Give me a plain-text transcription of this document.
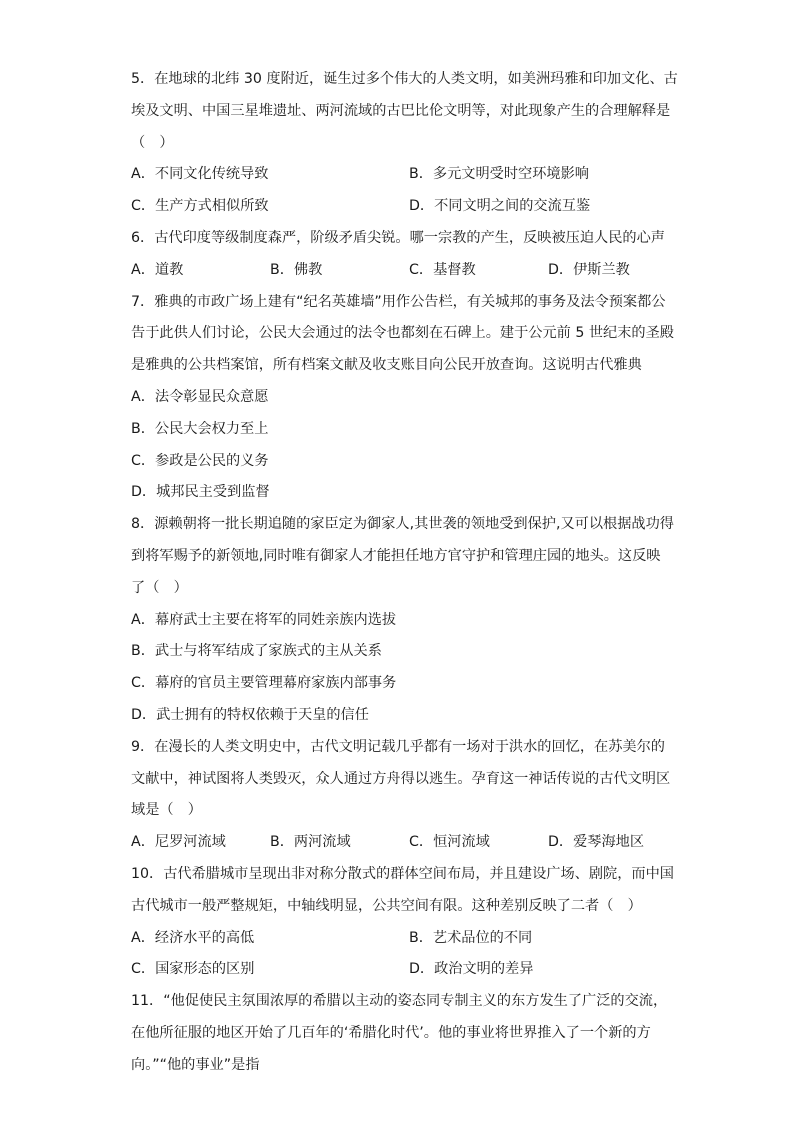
5．在地球的北纬 30 度附近，诞生过多个伟大的人类文明，如美洲玛雅和印加文化、古
埃及文明、中国三星堆遗址、两河流域的古巴比伦文明等，对此现象产生的合理解释是
（　）
A．不同文化传统导致	B．多元文明受时空环境影响
C．生产方式相似所致	D．不同文明之间的交流互鉴
6．古代印度等级制度森严，阶级矛盾尖锐。哪一宗教的产生，反映被压迫人民的心声
A．道教	B．佛教	C．基督教	D．伊斯兰教
7．雅典的市政广场上建有“纪名英雄墙”用作公告栏，有关城邦的事务及法令预案都公
告于此供人们讨论，公民大会通过的法令也都刻在石碑上。建于公元前 5 世纪末的圣殿
是雅典的公共档案馆，所有档案文献及收支账目向公民开放查询。这说明古代雅典
A．法令彰显民众意愿
B．公民大会权力至上
C．参政是公民的义务
D．城邦民主受到监督
8．源赖朝将一批长期追随的家臣定为御家人,其世袭的领地受到保护,又可以根据战功得
到将军赐予的新领地,同时唯有御家人才能担任地方官守护和管理庄园的地头。这反映
了（　）
A．幕府武士主要在将军的同姓亲族内选拔
B．武士与将军结成了家族式的主从关系
C．幕府的官员主要管理幕府家族内部事务
D．武士拥有的特权依赖于天皇的信任
9．在漫长的人类文明史中，古代文明记载几乎都有一场对于洪水的回忆，在苏美尔的
文献中，神试图将人类毁灭，众人通过方舟得以逃生。孕育这一神话传说的古代文明区
域是（　）
A．尼罗河流域	B．两河流域	C．恒河流域	D．爱琴海地区
10．古代希腊城市呈现出非对称分散式的群体空间布局，并且建设广场、剧院，而中国
古代城市一般严整规矩，中轴线明显，公共空间有限。这种差别反映了二者（　）
A．经济水平的高低	B．艺术品位的不同
C．国家形态的区别	D．政治文明的差异
11．“他促使民主氛围浓厚的希腊以主动的姿态同专制主义的东方发生了广泛的交流，
在他所征服的地区开始了几百年的‘希腊化时代’。他的事业将世界推入了一个新的方
向。”“他的事业”是指
